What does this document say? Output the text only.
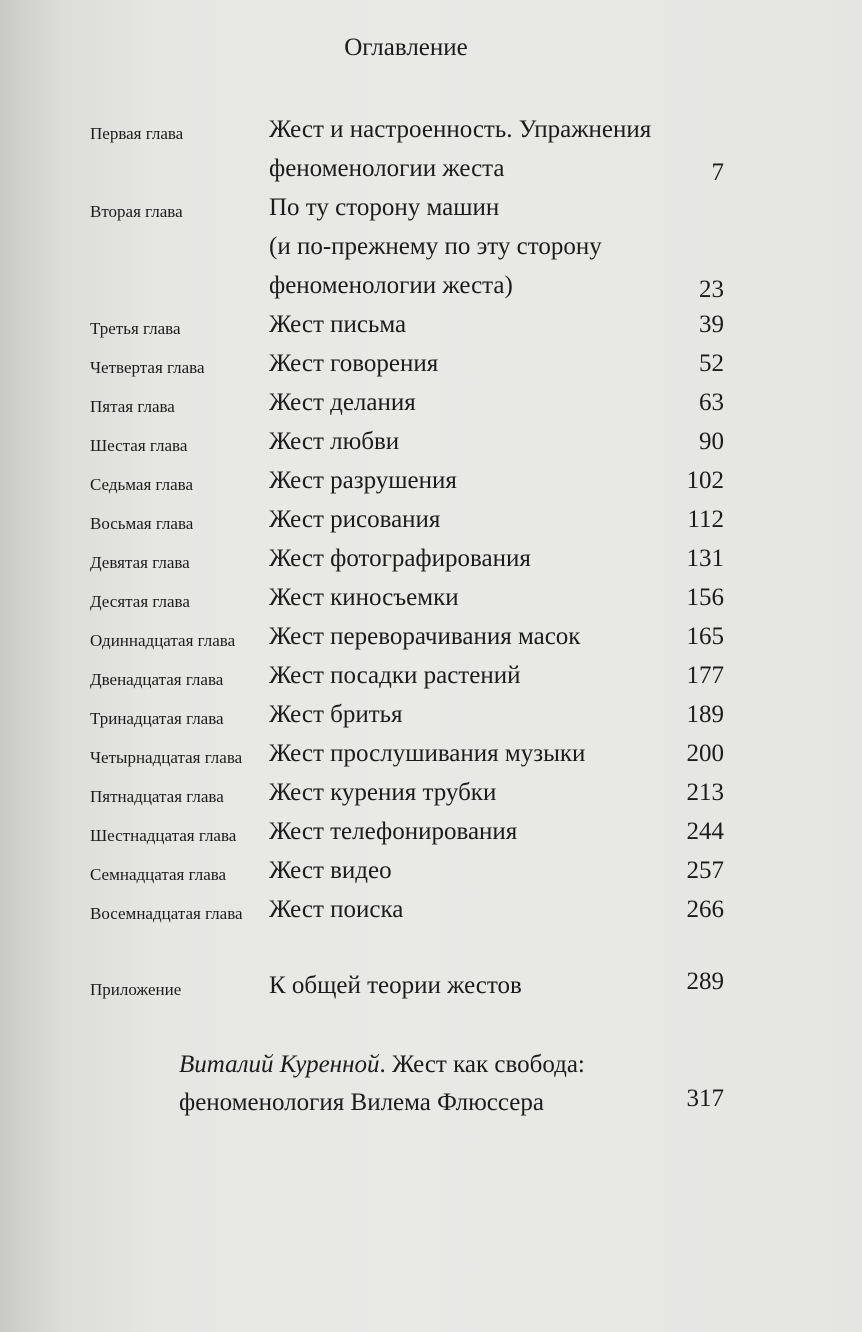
Оглавление
Первая глава	Жест и настроенность. Упражнения
феноменологии жеста	7
Вторая глава	По ту сторону машин
(и по-прежнему по эту сторону
феноменологии жеста)	23
Третья глава	Жест письма	39
Четвертая глава	Жест говорения	52
Пятая глава	Жест делания	63
Шестая глава	Жест любви	90
Седьмая глава	Жест разрушения	102
Восьмая глава	Жест рисования	112
Девятая глава	Жест фотографирования	131
Десятая глава	Жест киносъемки	156
Одиннадцатая глава Жест переворачивания масок	165
Двенадцатая глава Жест посадки растений	177
Тринадцатая глава Жест бритья	189
Четырнадцатая глава Жест прослушивания музыки	200
Пятнадцатая глава Жест курения трубки	213
Шестнадцатая глава Жест телефонирования	244
Семнадцатая глава Жест видео	257
Восемнадцатая глава Жест поиска	266
Приложение	К общей теории жестов	289
Виталий Куренной. Жест как свобода:
феноменология Вилема Флюссера	317
